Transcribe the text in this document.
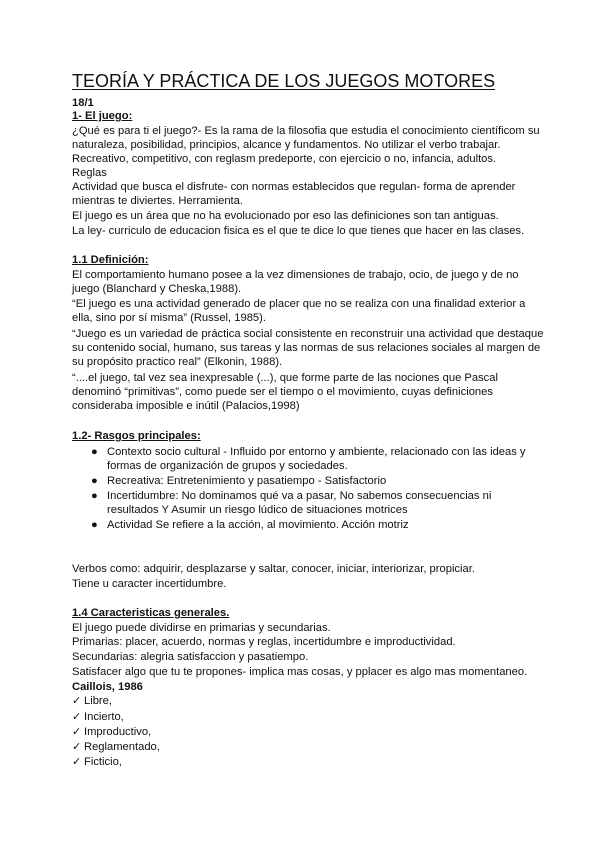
TEORÍA Y PRÁCTICA DE LOS JUEGOS MOTORES
18/1
1- El juego:
¿Qué es para ti el juego?- Es la rama de la filosofia que estudia el conocimiento científicom su
naturaleza, posibilidad, principios, alcance y fundamentos. No utilizar el verbo trabajar.
Recreativo, competitivo, con reglasm predeporte, con ejercicio o no, infancia, adultos.
Reglas
Actividad que busca el disfrute- con normas establecidos que regulan- forma de aprender
mientras te diviertes. Herramienta.
El juego es un área que no ha evolucionado por eso las definiciones son tan antiguas.
La ley- curriculo de educacion fisica es el que te dice lo que tienes que hacer en las clases.
1.1 Definición:
El comportamiento humano posee a la vez dimensiones de trabajo, ocio, de juego y de no
juego (Blanchard y Cheska,1988).
“El juego es una actividad generado de placer que no se realiza con una finalidad exterior a
ella, sino por sí misma” (Russel, 1985).
“Juego es un variedad de práctica social consistente en reconstruir una actividad que destaque
su contenido social, humano, sus tareas y las normas de sus relaciones sociales al margen de
su propósito practico real” (Elkonin, 1988).
“....el juego, tal vez sea inexpresable (...), que forme parte de las nociones que Pascal
denominó “primitivas”, como puede ser el tiempo o el movimiento, cuyas definiciones
consideraba imposible e inútil (Palacios,1998)
1.2- Rasgos principales:
● Contexto socio cultural - Influido por entorno y ambiente, relacionado con las ideas y
formas de organización de grupos y sociedades.
● Recreativa: Entretenimiento y pasatiempo - Satisfactorio
● Incertidumbre: No dominamos qué va a pasar, No sabemos consecuencias ni
resultados Y Asumir un riesgo lúdico de situaciones motrices
● Actividad Se refiere a la acción, al movimiento. Acción motriz
Verbos como: adquirir, desplazarse y saltar, conocer, iniciar, interiorizar, propiciar.
Tiene u caracter incertidumbre.
1.4 Caracteristicas generales.
El juego puede dividirse en primarias y secundarias.
Primarias: placer, acuerdo, normas y reglas, incertidumbre e improductividad.
Secundarias: alegria satisfaccion y pasatiempo.
Satisfacer algo que tu te propones- implica mas cosas, y pplacer es algo mas momentaneo.
Caillois, 1986
✓ Libre,
✓ Incierto,
✓ Improductivo,
✓ Reglamentado,
✓ Ficticio,
